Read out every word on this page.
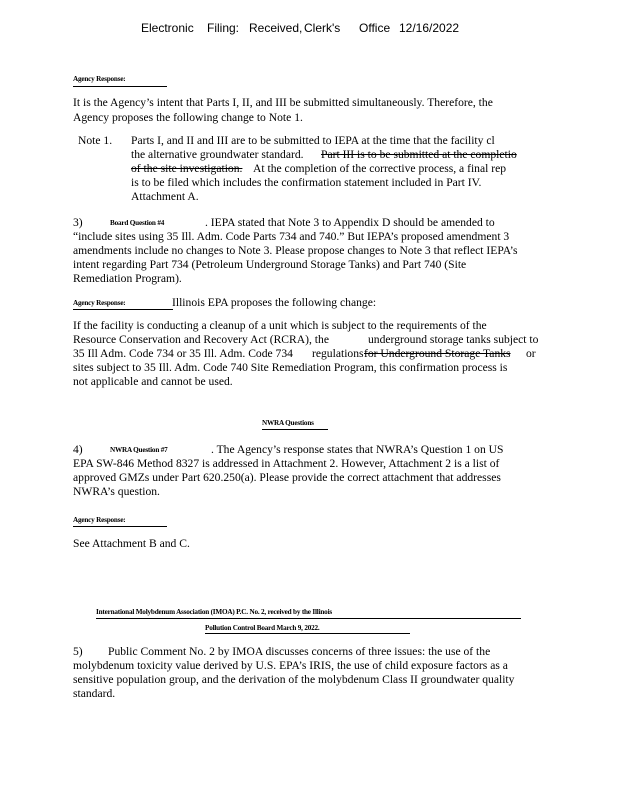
Electronic Filing: Received, Clerk's Office 12/16/2022
Agency Response:
It is the Agency’s intent that Parts I, II, and III be submitted simultaneously. Therefore, the
Agency proposes the following change to Note 1.
Note 1. Parts I, and II and III are to be submitted to IEPA at the time that the facility cl
the alternative groundwater standard. Part III is to be submitted at the completio
of the site investigation. At the completion of the corrective process, a final rep
is to be filed which includes the confirmation statement included in Part IV.
Attachment A.
3)	Board Question #4	. IEPA stated that Note 3 to Appendix D should be amended to
“include sites using 35 Ill. Adm. Code Parts 734 and 740.” But IEPA’s proposed amendment 3
amendments include no changes to Note 3. Please propose changes to Note 3 that reflect IEPA’s
intent regarding Part 734 (Petroleum Underground Storage Tanks) and Part 740 (Site
Remediation Program).
Agency Response:	Illinois EPA proposes the following change:
If the facility is conducting a cleanup of a unit which is subject to the requirements of the
Resource Conservation and Recovery Act (RCRA), the	underground storage tanks subject to
35 Ill Adm. Code 734 or 35 Ill. Adm. Code 734 regulations for Underground Storage Tanks or
sites subject to 35 Ill. Adm. Code 740 Site Remediation Program, this confirmation process is
not applicable and cannot be used.
NWRA Questions
4)	NWRA Question #7	. The Agency’s response states that NWRA’s Question 1 on US
EPA SW-846 Method 8327 is addressed in Attachment 2. However, Attachment 2 is a list of
approved GMZs under Part 620.250(a). Please provide the correct attachment that addresses
NWRA’s question.
Agency Response:
See Attachment B and C.
International Molybdenum Association (IMOA) P.C. No. 2, received by the Illinois
Pollution Control Board March 9, 2022.
5) Public Comment No. 2 by IMOA discusses concerns of three issues: the use of the
molybdenum toxicity value derived by U.S. EPA’s IRIS, the use of child exposure factors as a
sensitive population group, and the derivation of the molybdenum Class II groundwater quality
standard.
